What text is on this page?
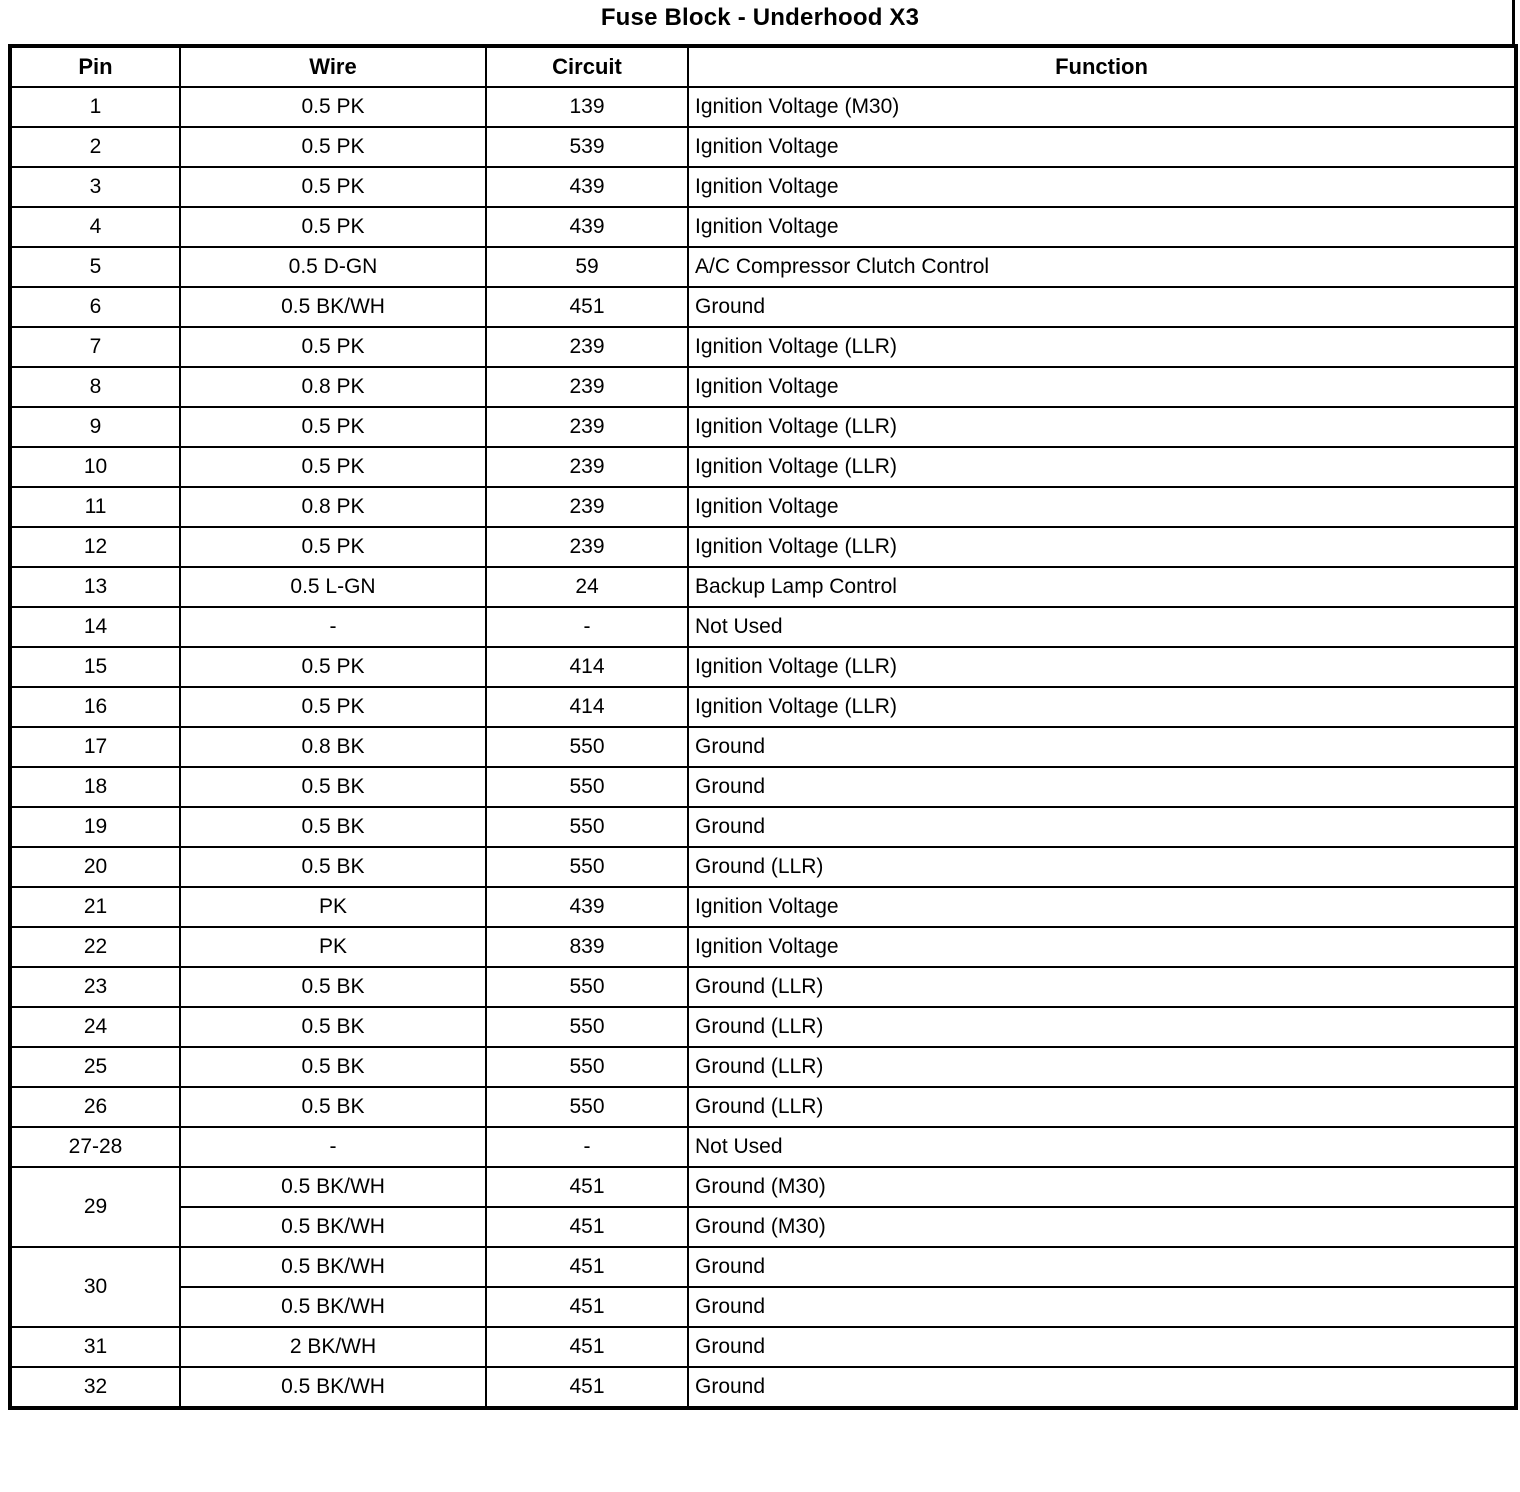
Fuse Block - Underhood X3
Pin	Wire	Circuit	Function
1	0.5 PK	139	Ignition Voltage (M30)
2	0.5 PK	539	Ignition Voltage
3	0.5 PK	439	Ignition Voltage
4	0.5 PK	439	Ignition Voltage
5	0.5 D-GN	59	A/C Compressor Clutch Control
6	0.5 BK/WH	451	Ground
7	0.5 PK	239	Ignition Voltage (LLR)
8	0.8 PK	239	Ignition Voltage
9	0.5 PK	239	Ignition Voltage (LLR)
10	0.5 PK	239	Ignition Voltage (LLR)
11	0.8 PK	239	Ignition Voltage
12	0.5 PK	239	Ignition Voltage (LLR)
13	0.5 L-GN	24	Backup Lamp Control
14	-	-	Not Used
15	0.5 PK	414	Ignition Voltage (LLR)
16	0.5 PK	414	Ignition Voltage (LLR)
17	0.8 BK	550	Ground
18	0.5 BK	550	Ground
19	0.5 BK	550	Ground
20	0.5 BK	550	Ground (LLR)
21	PK	439	Ignition Voltage
22	PK	839	Ignition Voltage
23	0.5 BK	550	Ground (LLR)
24	0.5 BK	550	Ground (LLR)
25	0.5 BK	550	Ground (LLR)
26	0.5 BK	550	Ground (LLR)
27-28	-	-	Not Used
29	0.5 BK/WH	451	Ground (M30)
	0.5 BK/WH	451	Ground (M30)
30	0.5 BK/WH	451	Ground
	0.5 BK/WH	451	Ground
31	2 BK/WH	451	Ground
32	0.5 BK/WH	451	Ground
